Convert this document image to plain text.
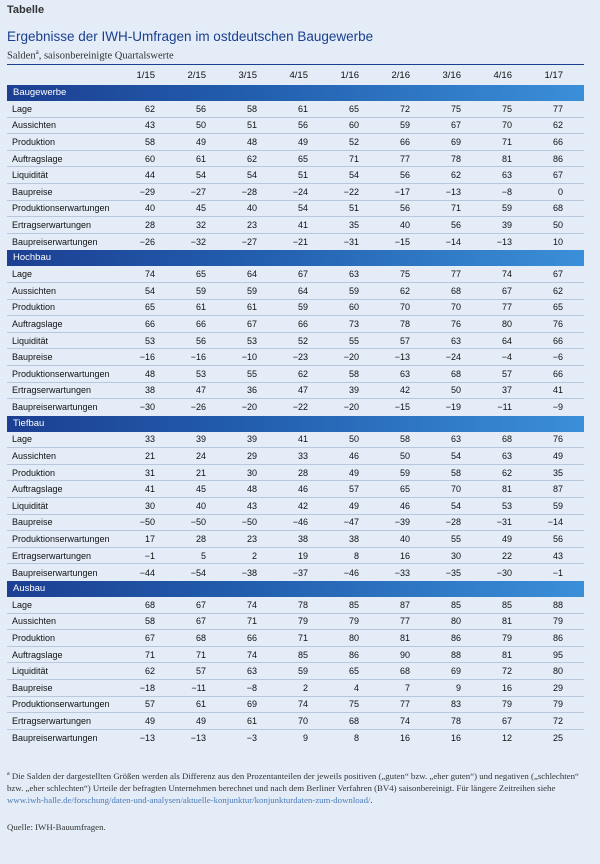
Tabelle
Ergebnisse der IWH-Umfragen im ostdeutschen Baugewerbe
Salden$^a$, saisonbereinigte Quartalswerte
1/15	2/15	3/15	4/15	1/16	2/16	3/16	4/16	1/17
Baugewerbe
Lage	62	56	58	61	65	72	75	75	77
Aussichten	43	50	51	56	60	59	67	70	62
Produktion	58	49	48	49	52	66	69	71	66
Auftragslage	60	61	62	65	71	77	78	81	86
Liquidität	44	54	54	51	54	56	62	63	67
Baupreise	−29	−27	−28	−24	−22	−17	−13	−8	0
Produktionserwartungen	40	45	40	54	51	56	71	59	68
Ertragserwartungen	28	32	23	41	35	40	56	39	50
Baupreiserwartungen	−26	−32	−27	−21	−31	−15	−14	−13	10
Hochbau
Lage	74	65	64	67	63	75	77	74	67
Aussichten	54	59	59	64	59	62	68	67	62
Produktion	65	61	61	59	60	70	70	77	65
Auftragslage	66	66	67	66	73	78	76	80	76
Liquidität	53	56	53	52	55	57	63	64	66
Baupreise	−16	−16	−10	−23	−20	−13	−24	−4	−6
Produktionserwartungen	48	53	55	62	58	63	68	57	66
Ertragserwartungen	38	47	36	47	39	42	50	37	41
Baupreiserwartungen	−30	−26	−20	−22	−20	−15	−19	−11	−9
Tiefbau
Lage	33	39	39	41	50	58	63	68	76
Aussichten	21	24	29	33	46	50	54	63	49
Produktion	31	21	30	28	49	59	58	62	35
Auftragslage	41	45	48	46	57	65	70	81	87
Liquidität	30	40	43	42	49	46	54	53	59
Baupreise	−50	−50	−50	−46	−47	−39	−28	−31	−14
Produktionserwartungen	17	28	23	38	38	40	55	49	56
Ertragserwartungen	−1	5	2	19	8	16	30	22	43
Baupreiserwartungen	−44	−54	−38	−37	−46	−33	−35	−30	−1
Ausbau
Lage	68	67	74	78	85	87	85	85	88
Aussichten	58	67	71	79	79	77	80	81	79
Produktion	67	68	66	71	80	81	86	79	86
Auftragslage	71	71	74	85	86	90	88	81	95
Liquidität	62	57	63	59	65	68	69	72	80
Baupreise	−18	−11	−8	2	4	7	9	16	29
Produktionserwartungen	57	61	69	74	75	77	83	79	79
Ertragserwartungen	49	49	61	70	68	74	78	67	72
Baupreiserwartungen	−13	−13	−3	9	8	16	16	12	25
$^a$ Die Salden der dargestellten Größen werden als Differenz aus den Prozentanteilen der jeweils positiven („guten“ bzw. „eher guten“) und negativen („schlechten“ bzw. „eher schlechten“) Urteile der befragten Unternehmen berechnet und nach dem Berliner Verfahren (BV4) saisonbereinigt. Für längere Zeitreihen siehe www.iwh-halle.de/forschung/daten-und-analysen/aktuelle-konjunktur/konjunkturdaten-zum-download/.
Quelle: IWH-Bauumfragen.
